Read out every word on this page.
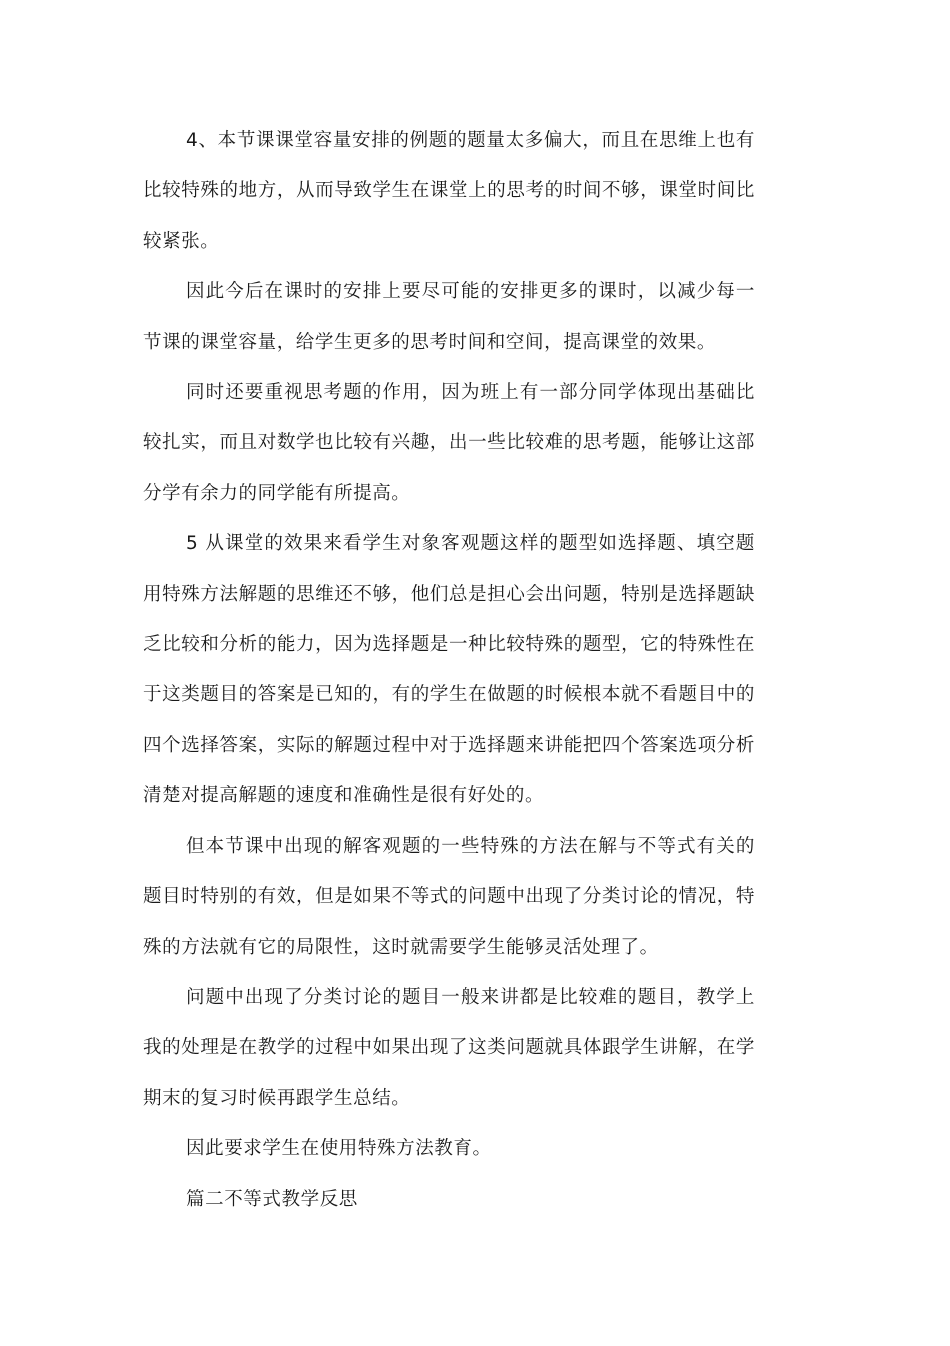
4、本节课课堂容量安排的例题的题量太多偏大，而且在思维上也有比较特殊的地方，从而导致学生在课堂上的思考的时间不够，课堂时间比较紧张。

因此今后在课时的安排上要尽可能的安排更多的课时，以减少每一节课的课堂容量，给学生更多的思考时间和空间，提高课堂的效果。

同时还要重视思考题的作用，因为班上有一部分同学体现出基础比较扎实，而且对数学也比较有兴趣，出一些比较难的思考题，能够让这部分学有余力的同学能有所提高。

5 从课堂的效果来看学生对象客观题这样的题型如选择题、填空题用特殊方法解题的思维还不够，他们总是担心会出问题，特别是选择题缺乏比较和分析的能力，因为选择题是一种比较特殊的题型，它的特殊性在于这类题目的答案是已知的，有的学生在做题的时候根本就不看题目中的四个选择答案，实际的解题过程中对于选择题来讲能把四个答案选项分析清楚对提高解题的速度和准确性是很有好处的。

但本节课中出现的解客观题的一些特殊的方法在解与不等式有关的题目时特别的有效，但是如果不等式的问题中出现了分类讨论的情况，特殊的方法就有它的局限性，这时就需要学生能够灵活处理了。

问题中出现了分类讨论的题目一般来讲都是比较难的题目，教学上我的处理是在教学的过程中如果出现了这类问题就具体跟学生讲解，在学期末的复习时候再跟学生总结。

因此要求学生在使用特殊方法教育。

篇二不等式教学反思
